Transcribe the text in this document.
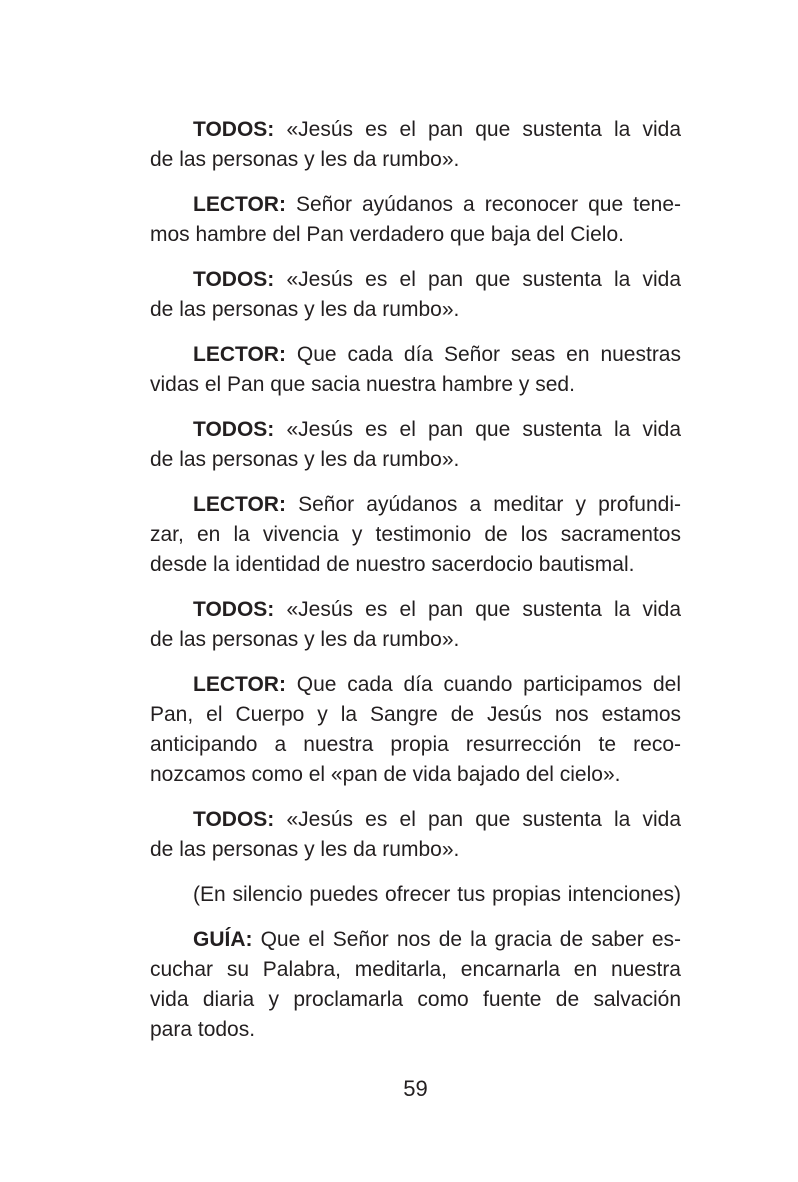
TODOS: «Jesús es el pan que sustenta la vida
de las personas y les da rumbo».
LECTOR: Señor ayúdanos a reconocer que tene-
mos hambre del Pan verdadero que baja del Cielo.
TODOS: «Jesús es el pan que sustenta la vida
de las personas y les da rumbo».
LECTOR: Que cada día Señor seas en nuestras
vidas el Pan que sacia nuestra hambre y sed.
TODOS: «Jesús es el pan que sustenta la vida
de las personas y les da rumbo».
LECTOR: Señor ayúdanos a meditar y profundi-
zar, en la vivencia y testimonio de los sacramentos
desde la identidad de nuestro sacerdocio bautismal.
TODOS: «Jesús es el pan que sustenta la vida
de las personas y les da rumbo».
LECTOR: Que cada día cuando participamos del
Pan, el Cuerpo y la Sangre de Jesús nos estamos
anticipando a nuestra propia resurrección te reco-
nozcamos como el «pan de vida bajado del cielo».
TODOS: «Jesús es el pan que sustenta la vida
de las personas y les da rumbo».
(En silencio puedes ofrecer tus propias intenciones)
GUÍA: Que el Señor nos de la gracia de saber es-
cuchar su Palabra, meditarla, encarnarla en nuestra
vida diaria y proclamarla como fuente de salvación
para todos.
59
